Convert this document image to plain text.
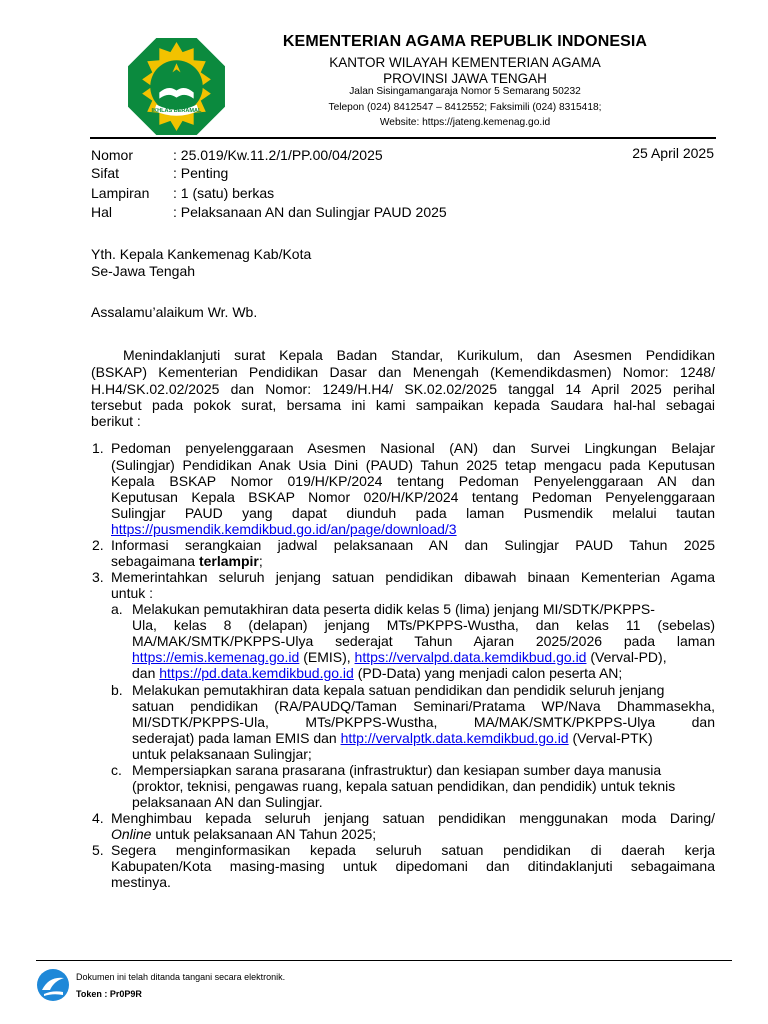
IKHLAS BERAMAL
KEMENTERIAN AGAMA REPUBLIK INDONESIA
KANTOR WILAYAH KEMENTERIAN AGAMA
PROVINSI JAWA TENGAH
Jalan Sisingamangaraja Nomor 5 Semarang 50232
Telepon (024) 8412547 – 8412552; Faksimili (024) 8315418;
Website: https://jateng.kemenag.go.id
25 April 2025
Nomor	: 25.019/Kw.11.2/1/PP.00/04/2025
Sifat	: Penting
Lampiran : 1 (satu) berkas
Hal	: Pelaksanaan AN dan Sulingjar PAUD 2025
Yth. Kepala Kankemenag Kab/Kota
Se-Jawa Tengah
Assalamu’alaikum Wr. Wb.
Menindaklanjuti surat Kepala Badan Standar, Kurikulum, dan Asesmen Pendidikan
(BSKAP) Kementerian Pendidikan Dasar dan Menengah (Kemendikdasmen) Nomor: 1248/
H.H4/SK.02.02/2025 dan Nomor: 1249/H.H4/ SK.02.02/2025 tanggal 14 April 2025 perihal
tersebut pada pokok surat, bersama ini kami sampaikan kepada Saudara hal-hal sebagai
berikut :
1. Pedoman penyelenggaraan Asesmen Nasional (AN) dan Survei Lingkungan Belajar
(Sulingjar) Pendidikan Anak Usia Dini (PAUD) Tahun 2025 tetap mengacu pada Keputusan
Kepala BSKAP Nomor 019/H/KP/2024 tentang Pedoman Penyelenggaraan AN dan
Keputusan Kepala BSKAP Nomor 020/H/KP/2024 tentang Pedoman Penyelenggaraan
Sulingjar PAUD yang dapat diunduh pada laman Pusmendik melalui tautan
https://pusmendik.kemdikbud.go.id/an/page/download/3
2. Informasi serangkaian jadwal pelaksanaan AN dan Sulingjar PAUD Tahun 2025
sebagaimana terlampir;
3. Memerintahkan seluruh jenjang satuan pendidikan dibawah binaan Kementerian Agama
untuk :
a. Melakukan pemutakhiran data peserta didik kelas 5 (lima) jenjang MI/SDTK/PKPPS-
Ula, kelas 8 (delapan) jenjang MTs/PKPPS-Wustha, dan kelas 11 (sebelas)
MA/MAK/SMTK/PKPPS-Ulya sederajat Tahun Ajaran 2025/2026 pada laman
https://emis.kemenag.go.id (EMIS), https://vervalpd.data.kemdikbud.go.id (Verval-PD),
dan https://pd.data.kemdikbud.go.id (PD-Data) yang menjadi calon peserta AN;
b. Melakukan pemutakhiran data kepala satuan pendidikan dan pendidik seluruh jenjang
satuan pendidikan (RA/PAUDQ/Taman Seminari/Pratama WP/Nava Dhammasekha,
MI/SDTK/PKPPS-Ula, MTs/PKPPS-Wustha, MA/MAK/SMTK/PKPPS-Ulya dan
sederajat) pada laman EMIS dan http://vervalptk.data.kemdikbud.go.id (Verval-PTK)
untuk pelaksanaan Sulingjar;
c. Mempersiapkan sarana prasarana (infrastruktur) dan kesiapan sumber daya manusia
(proktor, teknisi, pengawas ruang, kepala satuan pendidikan, dan pendidik) untuk teknis
pelaksanaan AN dan Sulingjar.
4. Menghimbau kepada seluruh jenjang satuan pendidikan menggunakan moda Daring/
Online untuk pelaksanaan AN Tahun 2025;
5. Segera menginformasikan kepada seluruh satuan pendidikan di daerah kerja
Kabupaten/Kota masing-masing untuk dipedomani dan ditindaklanjuti sebagaimana
mestinya.
Dokumen ini telah ditanda tangani secara elektronik.
Token : Pr0P9R
